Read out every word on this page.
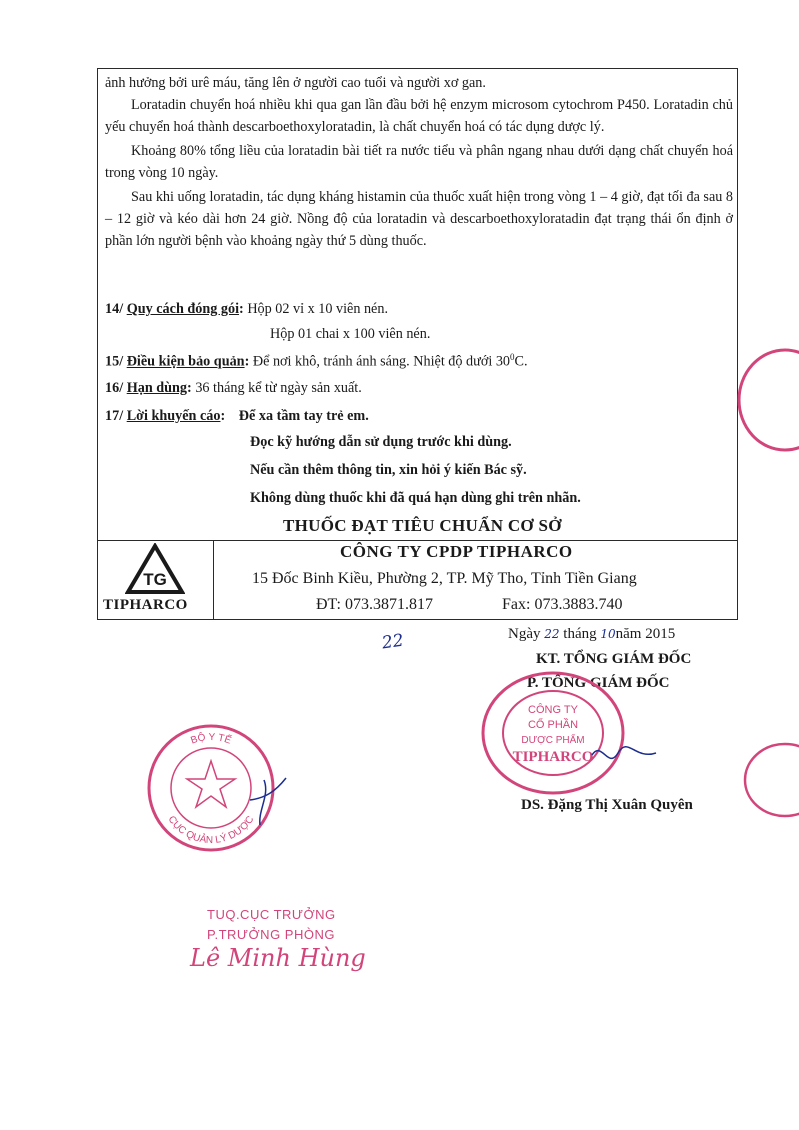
ảnh hưởng bởi urê máu, tăng lên ở người cao tuổi và người xơ gan.

Loratadin chuyển hoá nhiều khi qua gan lần đầu bởi hệ enzym microsom cytochrom P450. Loratadin chủ yếu chuyển hoá thành descarboethoxyloratadin, là chất chuyển hoá có tác dụng dược lý.

Khoảng 80% tổng liều của loratadin bài tiết ra nước tiểu và phân ngang nhau dưới dạng chất chuyển hoá trong vòng 10 ngày.

Sau khi uống loratadin, tác dụng kháng histamin của thuốc xuất hiện trong vòng 1 – 4 giờ, đạt tối đa sau 8 – 12 giờ và kéo dài hơn 24 giờ. Nồng độ của loratadin và descarboethoxyloratadin đạt trạng thái ổn định ở phần lớn người bệnh vào khoảng ngày thứ 5 dùng thuốc.

14/ Quy cách đóng gói: Hộp 02 vỉ x 10 viên nén.
Hộp 01 chai x 100 viên nén.
15/ Điều kiện bảo quản: Để nơi khô, tránh ánh sáng. Nhiệt độ dưới $30^0C$.
16/ Hạn dùng: 36 tháng kể từ ngày sản xuất.
17/ Lời khuyến cáo: Để xa tầm tay trẻ em.
Đọc kỹ hướng dẫn sử dụng trước khi dùng.
Nếu cần thêm thông tin, xin hỏi ý kiến Bác sỹ.
Không dùng thuốc khi đã quá hạn dùng ghi trên nhãn.
THUỐC ĐẠT TIÊU CHUẨN CƠ SỞ
TG
TIPHARCO
CÔNG TY CPDP TIPHARCO
15 Đốc Binh Kiều, Phường 2, TP. Mỹ Tho, Tỉnh Tiền Giang
ĐT: 073.3871.817	Fax: 073.3883.740
22	Ngày 22 tháng 10năm 2015
KT. TỔNG GIÁM ĐỐC
P. TỔNG GIÁM ĐỐC
CÔNG TY
CỔ PHẦN
DƯỢC PHẨM
TIPHARCO
DS. Đặng Thị Xuân Quyên
BỘ Y TẾ
CỤC QUẢN LÝ DƯỢC
TUQ.CỤC TRƯỞNG
P.TRƯỞNG PHÒNG
Lê Minh Hùng
